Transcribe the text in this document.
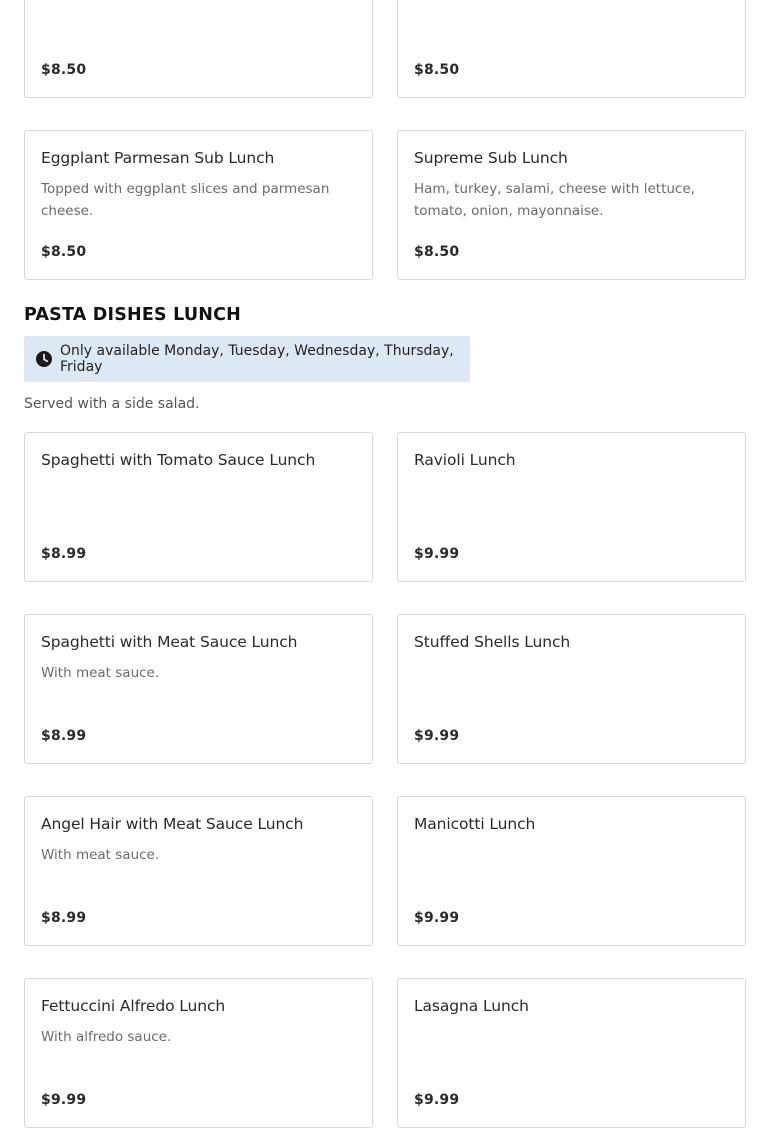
$8.50	$8.50
Eggplant Parmesan Sub Lunch
Topped with eggplant slices and parmesan cheese.
$8.50
Supreme Sub Lunch
Ham, turkey, salami, cheese with lettuce, tomato, onion, mayonnaise.
$8.50
PASTA DISHES LUNCH
Only available Monday, Tuesday, Wednesday, Thursday, Friday
Served with a side salad.
Spaghetti with Tomato Sauce Lunch
$8.99
Ravioli Lunch
$9.99
Spaghetti with Meat Sauce Lunch
With meat sauce.
$8.99
Stuffed Shells Lunch
$9.99
Angel Hair with Meat Sauce Lunch
With meat sauce.
$8.99
Manicotti Lunch
$9.99
Fettuccini Alfredo Lunch
With alfredo sauce.
$9.99
Lasagna Lunch
$9.99
